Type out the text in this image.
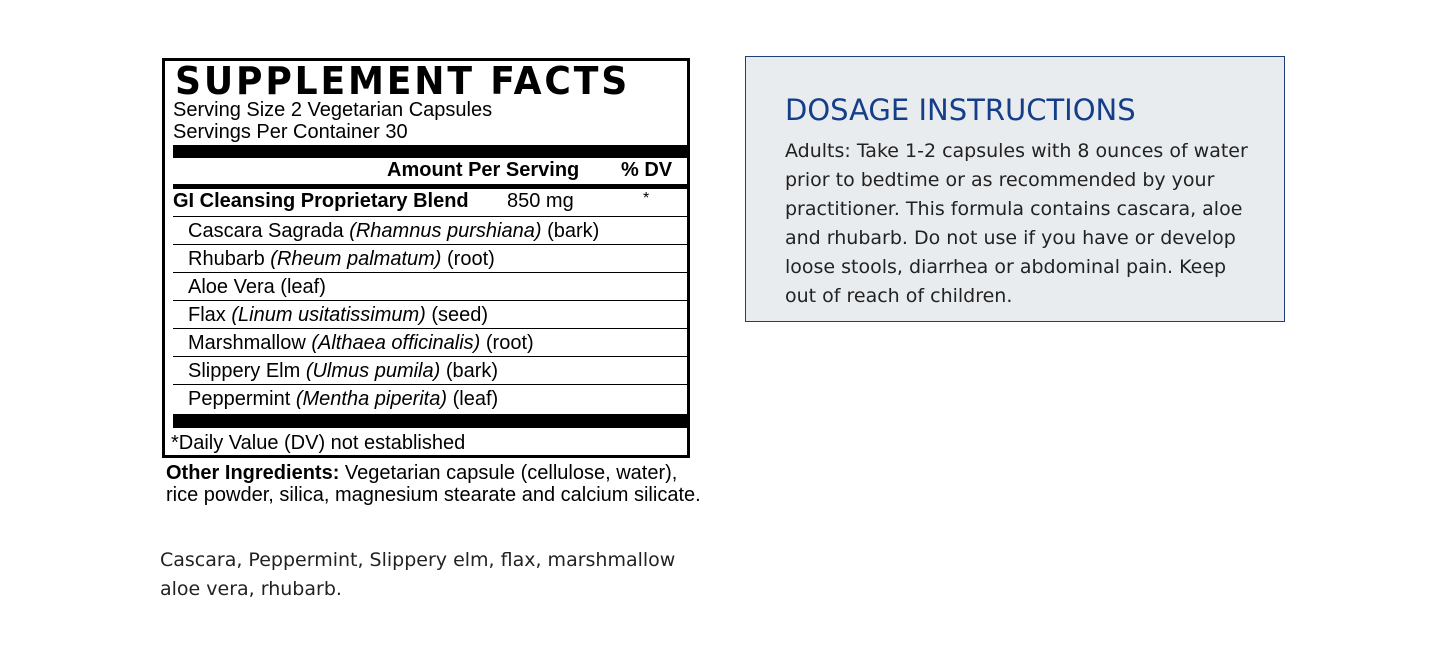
SUPPLEMENT FACTS
Serving Size 2 Vegetarian Capsules
Servings Per Container 30
Amount Per Serving % DV
GI Cleansing Proprietary Blend 850 mg	*
Cascara Sagrada (Rhamnus purshiana) (bark)
Rhubarb (Rheum palmatum) (root)
Aloe Vera (leaf)
Flax (Linum usitatissimum) (seed)
Marshmallow (Althaea officinalis) (root)
Slippery Elm (Ulmus pumila) (bark)
Peppermint (Mentha piperita) (leaf)
*Daily Value (DV) not established
Other Ingredients: Vegetarian capsule (cellulose, water), rice powder, silica, magnesium stearate and calcium silicate.
Cascara, Peppermint, Slippery elm, flax, marshmallow aloe vera, rhubarb.
DOSAGE INSTRUCTIONS

Adults: Take 1-2 capsules with 8 ounces of water prior to bedtime or as recommended by your practitioner. This formula contains cascara, aloe and rhubarb. Do not use if you have or develop loose stools, diarrhea or abdominal pain. Keep out of reach of children.
